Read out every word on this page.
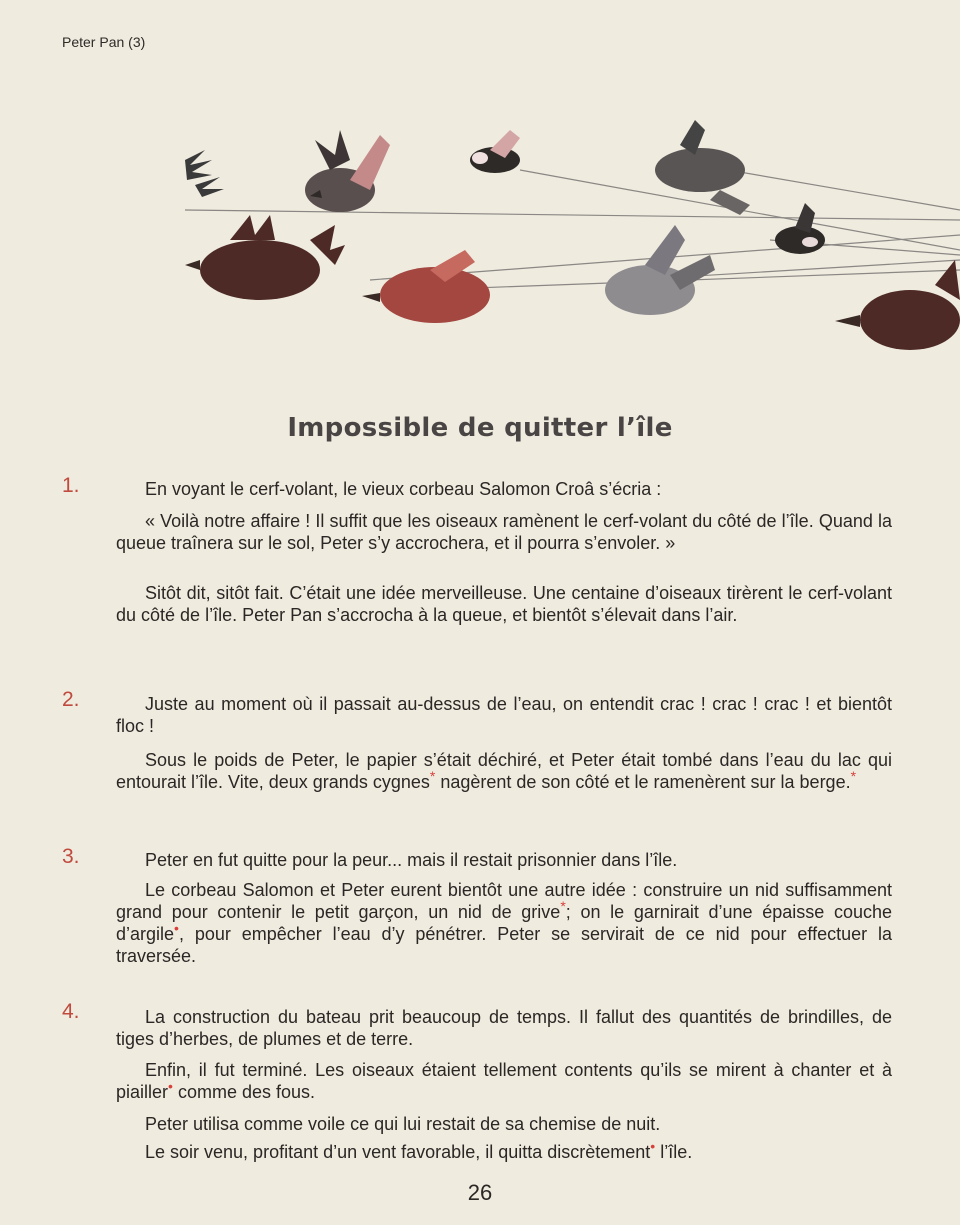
Peter Pan (3)
Impossible de quitter l’île
1.	En voyant le cerf-volant, le vieux corbeau Salomon Croâ s’écria :
« Voilà notre affaire ! Il suffit que les oiseaux ramènent le cerf-volant du côté de l’île. Quand la queue traînera sur le sol, Peter s’y accrochera, et il pourra s’envoler. »
Sitôt dit, sitôt fait. C’était une idée merveilleuse. Une centaine d’oiseaux tirèrent le cerf-volant du côté de l’île. Peter Pan s’accrocha à la queue, et bientôt s’élevait dans l’air.
2.	Juste au moment où il passait au-dessus de l’eau, on entendit crac ! crac ! crac ! et bientôt floc !
Sous le poids de Peter, le papier s’était déchiré, et Peter était tombé dans l’eau du lac qui entourait l’île. Vite, deux grands cygnes* nagèrent de son côté et le ramenèrent sur la berge.*
3.	Peter en fut quitte pour la peur... mais il restait prisonnier dans l’île.
Le corbeau Salomon et Peter eurent bientôt une autre idée : construire un nid suffisamment grand pour contenir le petit garçon, un nid de grive*; on le garnirait d’une épaisse couche d’argile•, pour empêcher l’eau d’y pénétrer. Peter se servirait de ce nid pour effectuer la traversée.
4.	La construction du bateau prit beaucoup de temps. Il fallut des quantités de brindilles, de tiges d’herbes, de plumes et de terre.
Enfin, il fut terminé. Les oiseaux étaient tellement contents qu’ils se mirent à chanter et à piailler• comme des fous.
Peter utilisa comme voile ce qui lui restait de sa chemise de nuit.
Le soir venu, profitant d’un vent favorable, il quitta discrètement• l’île.
26
